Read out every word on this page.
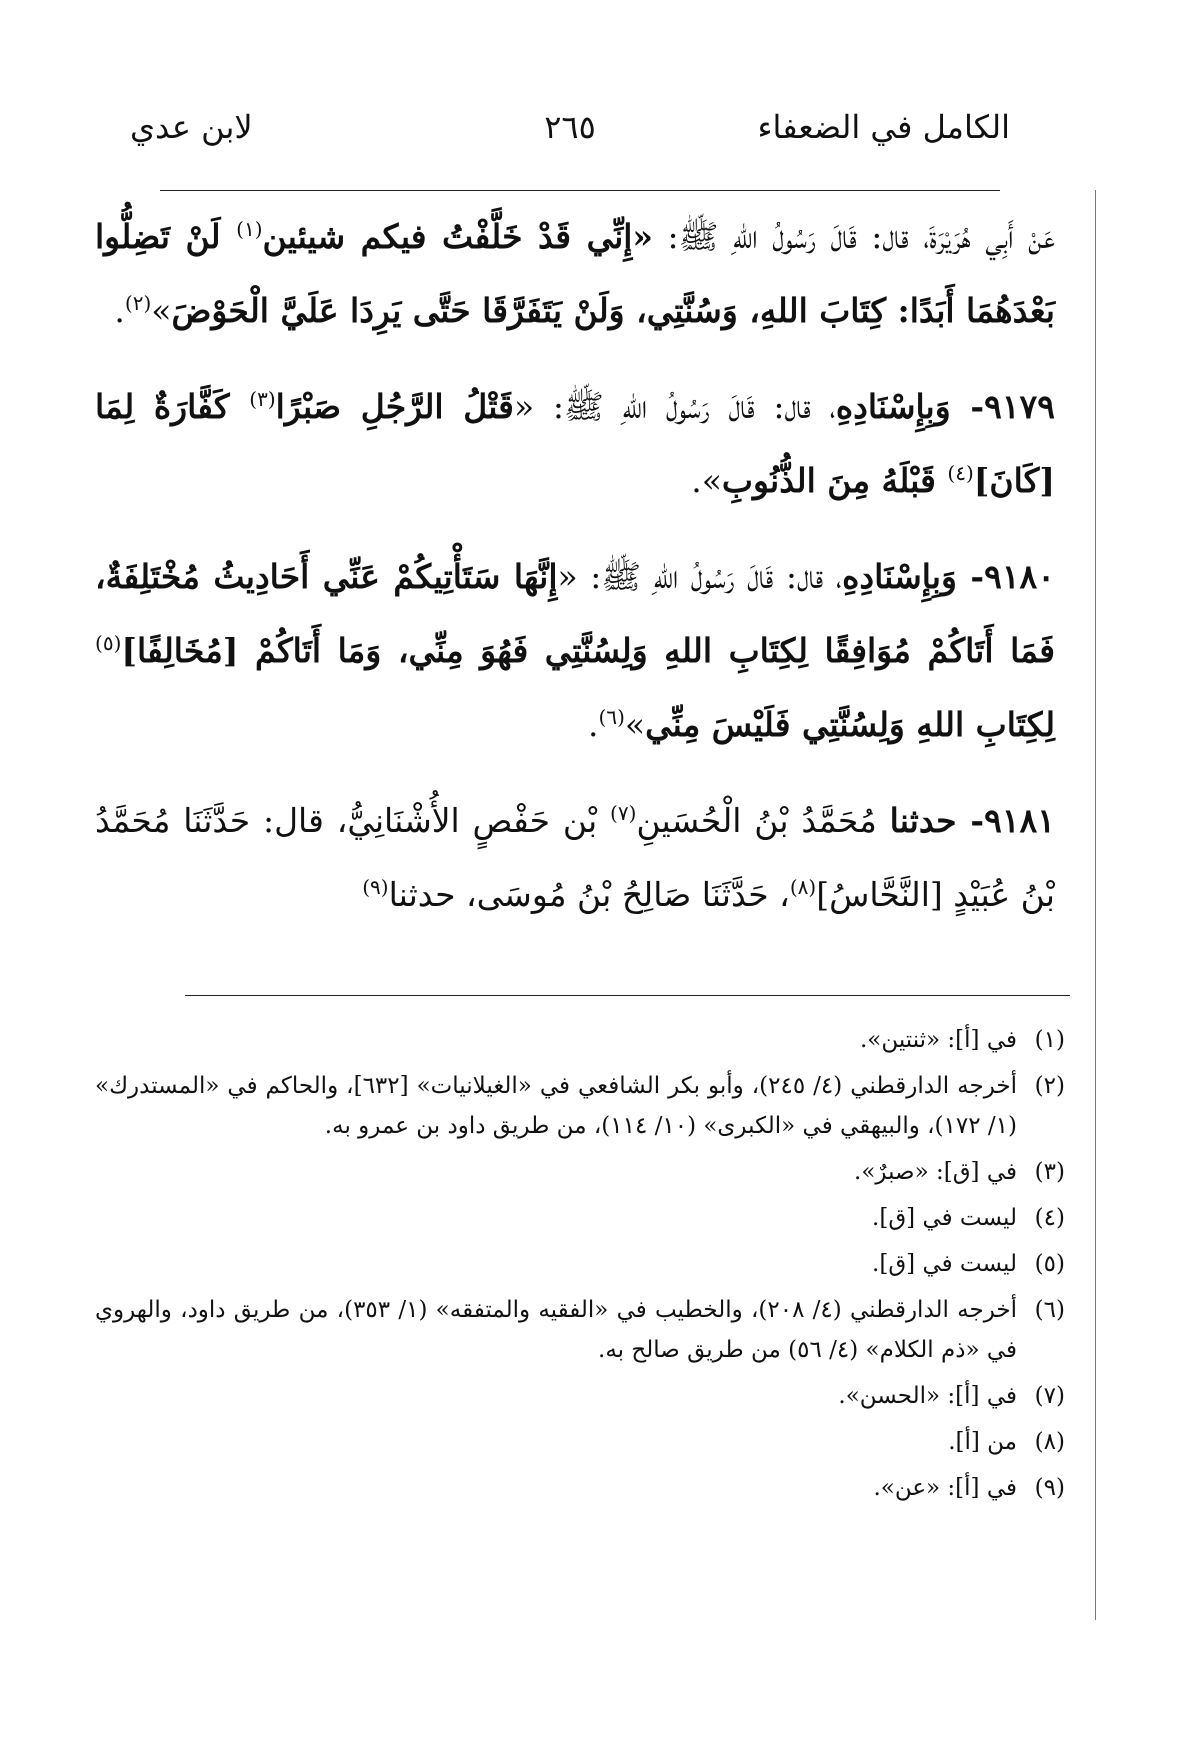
الكامل في الضعفاء
٢٦٥
لابن عدي

عَنْ أَبِي هُرَيْرَةَ، قال: قَالَ رَسُولُ اللهِ ﷺ: «إِنِّي قَدْ خَلَّفْتُ فيكم شيئين$^{(١)}$ لَنْ تَضِلُّوا بَعْدَهُمَا أَبَدًا: كِتَابَ اللهِ، وَسُنَّتِي، وَلَنْ يَتَفَرَّقَا حَتَّى يَرِدَا عَلَيَّ الْحَوْضَ»$^{(٢)}$.

٩١٧٩- وَبِإِسْنَادِهِ، قال: قَالَ رَسُولُ اللهِ ﷺ: «قَتْلُ الرَّجُلِ صَبْرًا$^{(٣)}$ كَفَّارَةٌ لِمَا [كَانَ]$^{(٤)}$ قَبْلَهُ مِنَ الذُّنُوبِ».

٩١٨٠- وَبِإِسْنَادِهِ، قال: قَالَ رَسُولُ اللهِ ﷺ: «إِنَّهَا سَتَأْتِيكُمْ عَنِّي أَحَادِيثُ مُخْتَلِفَةٌ، فَمَا أَتَاكُمْ مُوَافِقًا لِكِتَابِ اللهِ وَلِسُنَّتِي فَهُوَ مِنِّي، وَمَا أَتَاكُمْ [مُخَالِفًا]$^{(٥)}$ لِكِتَابِ اللهِ وَلِسُنَّتِي فَلَيْسَ مِنِّي»$^{(٦)}$.

٩١٨١- حدثنا مُحَمَّدُ بْنُ الْحُسَينِ$^{(٧)}$ بْن حَفْصٍ الأُشْنَانِيُّ، قال: حَدَّثَنَا مُحَمَّدُ بْنُ عُبَيْدٍ [النَّحَّاسُ]$^{(٨)}$، حَدَّثَنَا صَالِحُ بْنُ مُوسَى، حدثنا$^{(٩)}$

(١)
في [أ]: «ثنتين».
(٢)
أخرجه الدارقطني (٤/ ٢٤٥)، وأبو بكر الشافعي في «الغيلانيات» [٦٣٢]، والحاكم في «المستدرك» (١/ ١٧٢)، والبيهقي في «الكبرى» (١٠/ ١١٤)، من طريق داود بن عمرو به.
(٣)
في [ق]: «صبرٌ».
(٤)
ليست في [ق].
(٥)
ليست في [ق].
(٦)
أخرجه الدارقطني (٤/ ٢٠٨)، والخطيب في «الفقيه والمتفقه» (١/ ٣٥٣)، من طريق داود، والهروي في «ذم الكلام» (٤/ ٥٦) من طريق صالح به.
(٧)
في [أ]: «الحسن».
(٨)
من [أ].
(٩)
في [أ]: «عن».
